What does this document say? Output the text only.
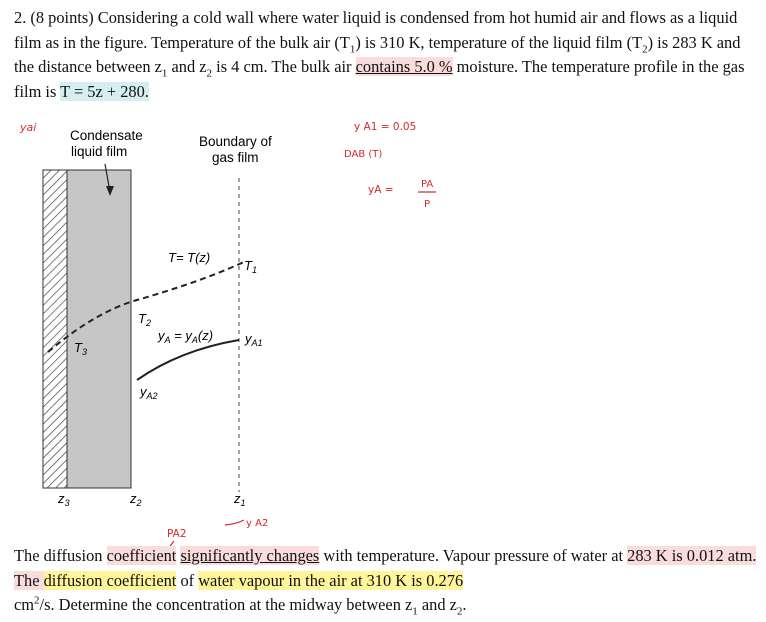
2. (8 points) Considering a cold wall where water liquid is condensed from hot humid air and flows as a liquid film as in the figure. Temperature of the bulk air $(T_1)$ is 310 K, temperature of the liquid film $(T_2)$ is 283 K and the distance between $z_1$ and $z_2$ is 4 cm. The bulk air contains 5.0 % moisture. The temperature profile in the gas film is T = 5z + 280.

Condensate
liquid film
Boundary of
gas film
T= T(z)
$T_1$
$T_2$
$T_3$
$y_A = y_A(z)$ $y_{A1}$
$y_{A2}$
$z_3$	$z_2$	$z_1$
yai	y A1 = 0.05
DAB (T)
yA =	PA
P
y A2
PA2

The diffusion coefficient significantly changes with temperature. Vapour pressure of water at 283 K is 0.012 atm. The diffusion coefficient of water vapour in the air at 310 K is 0.276
$cm^2/s$. Determine the concentration at the midway between $z_1$ and $z_2$.
